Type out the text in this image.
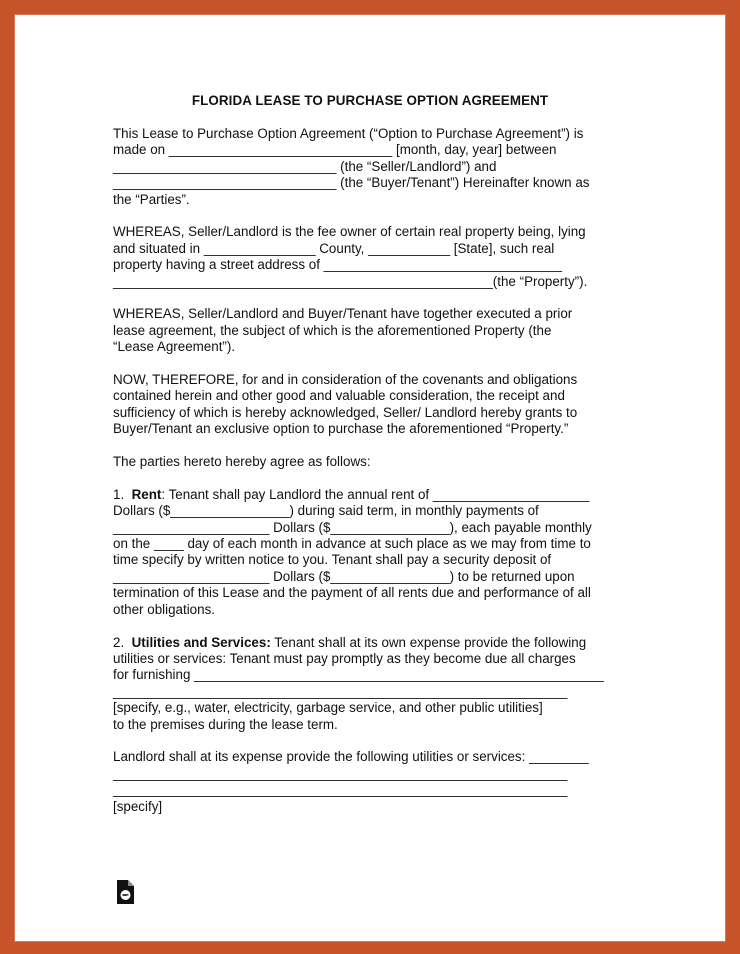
FLORIDA LEASE TO PURCHASE OPTION AGREEMENT
This Lease to Purchase Option Agreement (“Option to Purchase Agreement”) is
made on ______________________________ [month, day, year] between
______________________________ (the “Seller/Landlord”) and
______________________________ (the “Buyer/Tenant”) Hereinafter known as
the “Parties”.
WHEREAS, Seller/Landlord is the fee owner of certain real property being, lying
and situated in _______________ County, ___________ [State], such real
property having a street address of ________________________________
___________________________________________________(the “Property”).
WHEREAS, Seller/Landlord and Buyer/Tenant have together executed a prior
lease agreement, the subject of which is the aforementioned Property (the
“Lease Agreement”).
NOW, THEREFORE, for and in consideration of the covenants and obligations
contained herein and other good and valuable consideration, the receipt and
sufficiency of which is hereby acknowledged, Seller/ Landlord hereby grants to
Buyer/Tenant an exclusive option to purchase the aforementioned “Property.”
The parties hereto hereby agree as follows:
1.  Rent: Tenant shall pay Landlord the annual rent of _____________________
Dollars ($________________) during said term, in monthly payments of
_____________________ Dollars ($________________), each payable monthly
on the ____ day of each month in advance at such place as we may from time to
time specify by written notice to you. Tenant shall pay a security deposit of
_____________________ Dollars ($________________) to be returned upon
termination of this Lease and the payment of all rents due and performance of all
other obligations.
2.  Utilities and Services: Tenant shall at its own expense provide the following
utilities or services: Tenant must pay promptly as they become due all charges
for furnishing _______________________________________________________
_____________________________________________________________
[specify, e.g., water, electricity, garbage service, and other public utilities]
to the premises during the lease term.
Landlord shall at its expense provide the following utilities or services: ________
_____________________________________________________________
_____________________________________________________________
[specify]
